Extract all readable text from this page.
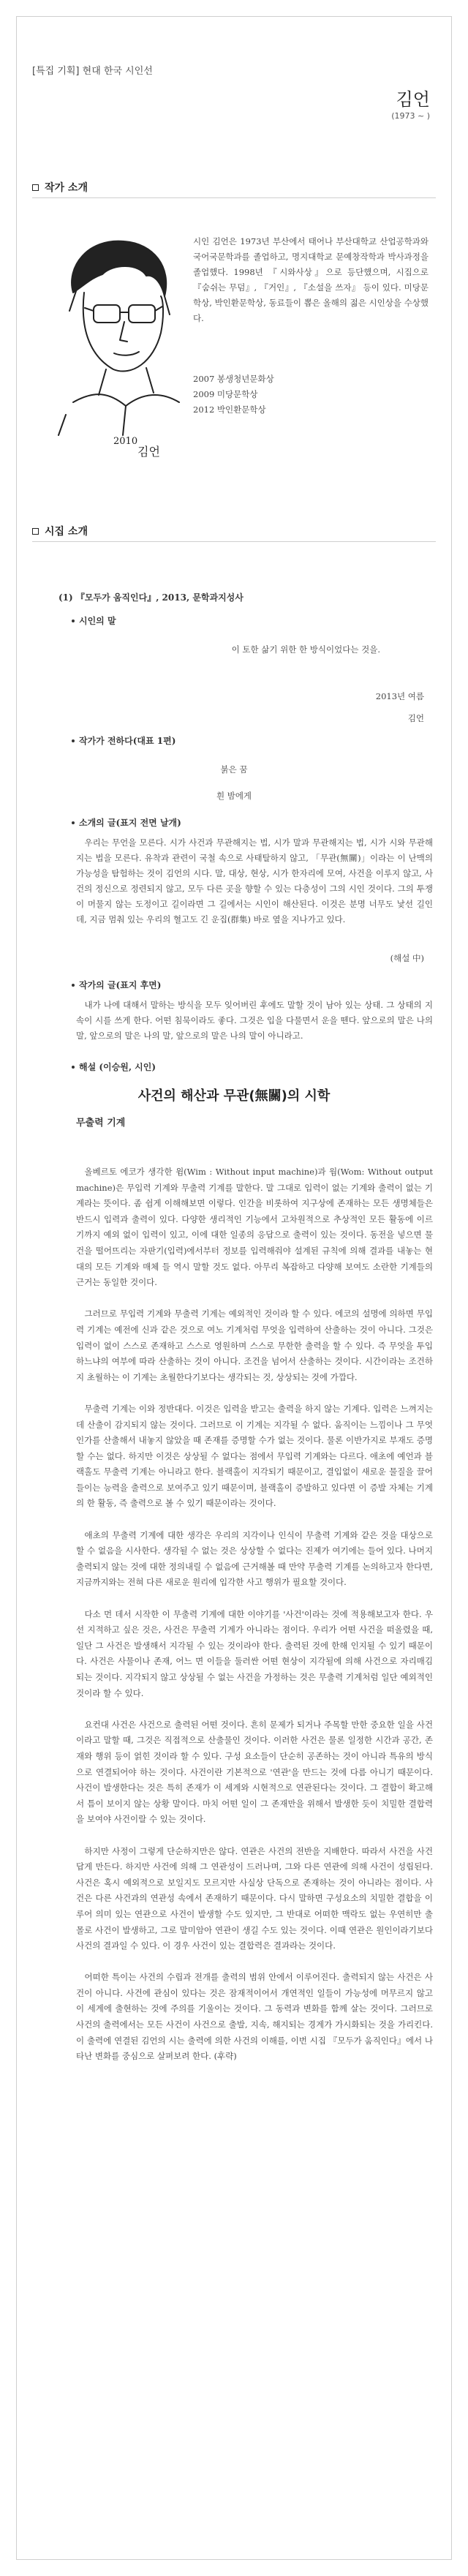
[특집 기획] 현대 한국 시인선
김언
(1973 ~ )
작가 소개
2010
김언

시인 김언은 1973년 부산에서 태어나 부산대학교 산업공학과와 국어국문학과를 졸업하고, 명지대학교 문예창작학과 박사과정을 졸업했다. 1998년 『시와사상』으로 등단했으며, 시집으로 『숨쉬는 무덤』, 『거인』, 『소설을 쓰자』 등이 있다. 미당문학상, 박인환문학상, 동료들이 뽑은 올해의 젊은 시인상을 수상했다.

2007 봉생청년문화상
2009 미당문학상
2012 박인환문학상
시집 소개
(1) 『모두가 움직인다』, 2013, 문학과지성사
시인의 말
이 토한 삶기 위한 한 방식이었다는 것을.
2013년 여름
김언
작가가 전하다(대표 1편)
붉은 꿈
흰 밤에게
소개의 글(표지 전면 날개)

우리는 무언을 모른다. 시가 사건과 무관해지는 법, 시가 말과 무관해지는 법, 시가 시와 무관해지는 법을 모른다. 유착과 관련이 국철 속으로 사태탈하지 않고, 「무관(無關)」이라는 이 난맥의 가능성을 탐험하는 것이 김언의 시다. 말, 대상, 현상, 시가 한자리에 모여, 사건을 이루지 않고, 사건의 정신으로 정련되지 않고, 모두 다른 곳을 향할 수 있는 다층성이 그의 시인 것이다. 그의 투쟁이 머물지 않는 도정이고 길이라면 그 길에서는 시인이 해산된다. 이것은 분명 너무도 낯선 길인데, 지금 멈춰 있는 우리의 혈고도 긴 운집(群集) 바로 옆을 지나가고 있다.

(해설 中)
작가의 글(표지 후면)

내가 나에 대해서 말하는 방식을 모두 잊어버린 후에도 말할 것이 남아 있는 상태. 그 상태의 지속이 시를 쓰게 한다. 어떤 침묵이라도 좋다. 그것은 입을 다물면서 운을 뗀다. 앞으로의 말은 나의 말, 앞으로의 말은 나의 말, 앞으로의 말은 나의 말이 아니라고.

해설 (이승원, 시인)
사건의 해산과 무관(無關)의 시학
무출력 기계

올베르토 에코가 생각한 윔(Wim : Without input machine)과 웜(Wom: Without output machine)은 무입력 기계와 무출력 기계를 말한다. 말 그대로 입력이 없는 기계와 출력이 없는 기계라는 뜻이다. 좀 쉽게 이해해보면 이렇다. 인간을 비롯하여 지구상에 존재하는 모든 생명체들은 반드시 입력과 출력이 있다. 다양한 생리적인 기능에서 고차원적으로 추상적인 모든 활동에 이르기까지 예외 없이 입력이 있고, 이에 대한 일종의 응답으로 출력이 있는 것이다. 동전을 넣으면 물건을 떨어뜨리는 자판기(입력)에서부터 정보를 입력해줘야 설계된 규칙에 의해 결과를 내놓는 현대의 모든 기계와 매체 들 역시 말할 것도 없다. 아무리 복잡하고 다양해 보여도 소란한 기계들의 근거는 동일한 것이다.

그러므로 무입력 기계와 무출력 기계는 예외적인 것이라 할 수 있다. 에코의 설명에 의하면 무입력 기계는 예전에 신과 같은 것으로 여노 기계처럼 무엇을 입력하여 산출하는 것이 아니다. 그것은 입력이 없이 스스로 존재하고 스스로 영원하며 스스로 무한한 출력을 할 수 있다. 즉 무엇을 투입하느냐의 여부에 따라 산출하는 것이 아니다. 조건을 넘어서 산출하는 것이다. 시간이라는 조건하지 초월하는 이 기계는 초월한다기보다는 생각되는 것, 상상되는 것에 가깝다.

무출력 기계는 이와 정반대다. 이것은 입력을 받고는 출력을 하지 않는 기계다. 입력은 느껴지는데 산출이 감지되지 않는 것이다. 그러므로 이 기계는 지각될 수 없다. 움직이는 느낌이나 그 무엇인가를 산출해서 내놓지 않았을 때 존재를 증명할 수가 없는 것이다. 물론 이반가지로 부재도 증명할 수는 없다. 하지만 이것은 상상될 수 없다는 점에서 무입력 기계와는 다르다. 애초에 예언과 블랙홀도 무출력 기계는 아니라고 한다. 블랙홀이 지각되기 때문이고, 결입없이 새로운 물질을 끌어들이는 능력을 출력으로 보여주고 있기 때문이며, 블랙홀이 증발하고 있다면 이 증발 자체는 기계의 한 활동, 즉 출력으로 볼 수 있기 때문이라는 것이다.

애초의 무출력 기계에 대한 생각은 우리의 지각이나 인식이 무출력 기계와 같은 것을 대상으로 할 수 없음을 시사한다. 생각될 수 없는 것은 상상할 수 없다는 진제가 여기에는 들어 있다. 나머지 출력되지 않는 것에 대한 정의내릴 수 없음에 근거해볼 때 만약 무출력 기계를 논의하고자 한다면, 지금까지와는 전혀 다른 새로운 원리에 입각한 사고 행위가 필요할 것이다.

다소 먼 데서 시작한 이 무출력 기계에 대한 이야기를 '사건'이라는 것에 적용해보고자 한다. 우선 지적하고 싶은 것은, 사건은 무출력 기계가 아니라는 점이다. 우리가 어떤 사건을 떠올렸을 때, 일단 그 사건은 발생해서 지각될 수 있는 것이라야 한다. 출력된 것에 한해 인지될 수 있기 때문이다. 사건은 사물이나 존재, 어느 면 이들을 둘러싼 어떤 현상이 지각될에 의해 사건으로 자리매김되는 것이다. 지각되지 않고 상상될 수 없는 사건을 가정하는 것은 무출력 기계처럼 일단 예외적인 것이라 할 수 있다.

요컨대 사건은 사건으로 출력된 어떤 것이다. 흔히 문제가 되거나 주목할 만한 중요한 일을 사건이라고 말할 때, 그것은 직접적으로 산출물인 것이다. 이러한 사건은 물론 일정한 시간과 공간, 존재와 행위 등이 얽힌 것이라 할 수 있다. 구성 요소들이 단순히 공존하는 것이 아니라 특유의 방식으로 연결되어야 하는 것이다. 사건이란 기본적으로 '연관'을 만드는 것에 다름 아니기 때문이다. 사건이 발생한다는 것은 특히 존재가 이 세계와 시현적으로 연관된다는 것이다. 그 결합이 확고해서 틈이 보이지 않는 상황 말이다. 마치 어떤 일이 그 존재만을 위해서 발생한 듯이 치밀한 결합력을 보여야 사건이랄 수 있는 것이다.

하지만 사정이 그렇게 단순하지만은 않다. 연관은 사건의 전반을 지배한다. 따라서 사건을 사건답게 만든다. 하지만 사건에 의해 그 연관성이 드러나며, 그와 다른 연관에 의해 사건이 성립된다. 사건은 혹시 예외적으로 보일지도 모르지만 사실상 단독으로 존재하는 것이 아니라는 점이다. 사건은 다른 사건과의 연관성 속에서 존재하기 때문이다. 다시 말하면 구성요소의 치밀한 결합을 이루어 의미 있는 연관으로 사건이 발생할 수도 있지만, 그 반대로 어떠한 맥락도 없는 우연히만 출몰로 사건이 발생하고, 그로 말미암아 연관이 생길 수도 있는 것이다. 이때 연관은 원인이라기보다 사건의 결과일 수 있다. 이 경우 사건이 있는 결합력은 결과라는 것이다.

어떠한 특이는 사건의 수립과 전개를 출력의 범위 안에서 이루어진다. 출력되지 않는 사건은 사건이 아니다. 사건에 관심이 있다는 것은 잠재적이어서 개연적인 일들이 가능성에 머무르지 않고 이 세계에 출현하는 것에 주의를 기울이는 것이다. 그 동력과 변화를 함께 살는 것이다. 그러므로 사건의 출력에서는 모든 사건이 사건으로 출발, 지속, 해지되는 경계가 가시화되는 것을 가리킨다. 이 출력에 연결된 김언의 시는 출력에 의한 사건의 이해를, 이번 시집 『모두가 움직인다』에서 나타난 변화를 중심으로 살펴보려 한다. (후략)
